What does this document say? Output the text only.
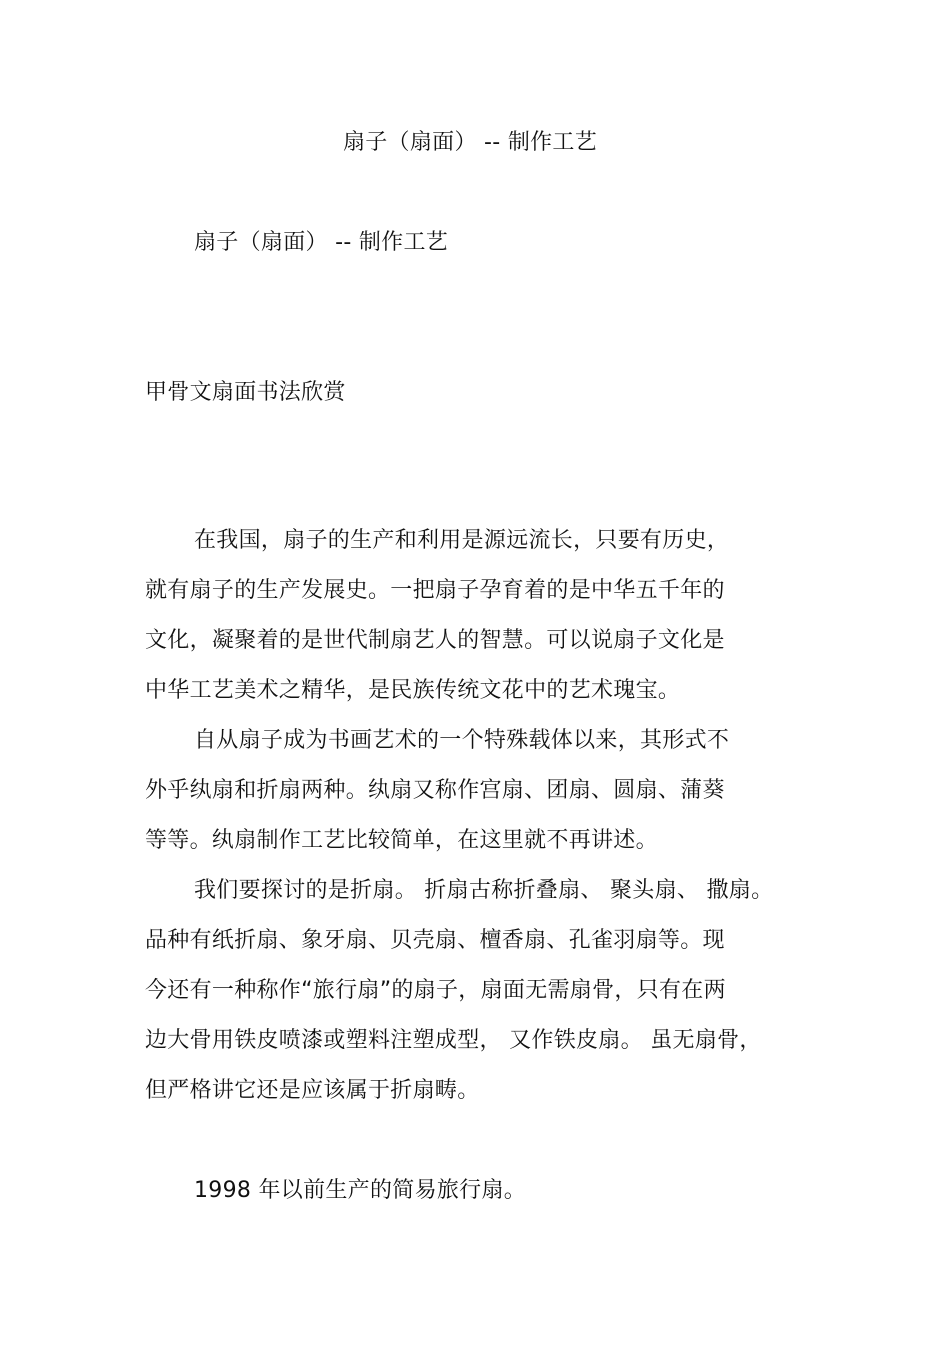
扇子（扇面） -- 制作工艺
扇子（扇面） -- 制作工艺
甲骨文扇面书法欣赏
在我国，扇子的生产和利用是源远流长，只要有历史，
就有扇子的生产发展史。一把扇子孕育着的是中华五千年的
文化，凝聚着的是世代制扇艺人的智慧。可以说扇子文化是
中华工艺美术之精华，是民族传统文花中的艺术瑰宝。
自从扇子成为书画艺术的一个特殊载体以来，其形式不
外乎纨扇和折扇两种。纨扇又称作宫扇、团扇、圆扇、蒲葵
等等。纨扇制作工艺比较简单，在这里就不再讲述。
我们要探讨的是折扇。 折扇古称折叠扇、 聚头扇、 撒扇。
品种有纸折扇、象牙扇、贝壳扇、檀香扇、孔雀羽扇等。现
今还有一种称作“旅行扇”的扇子，扇面无需扇骨，只有在两
边大骨用铁皮喷漆或塑料注塑成型， 又作铁皮扇。 虽无扇骨，
但严格讲它还是应该属于折扇畴。
1998 年以前生产的简易旅行扇。
